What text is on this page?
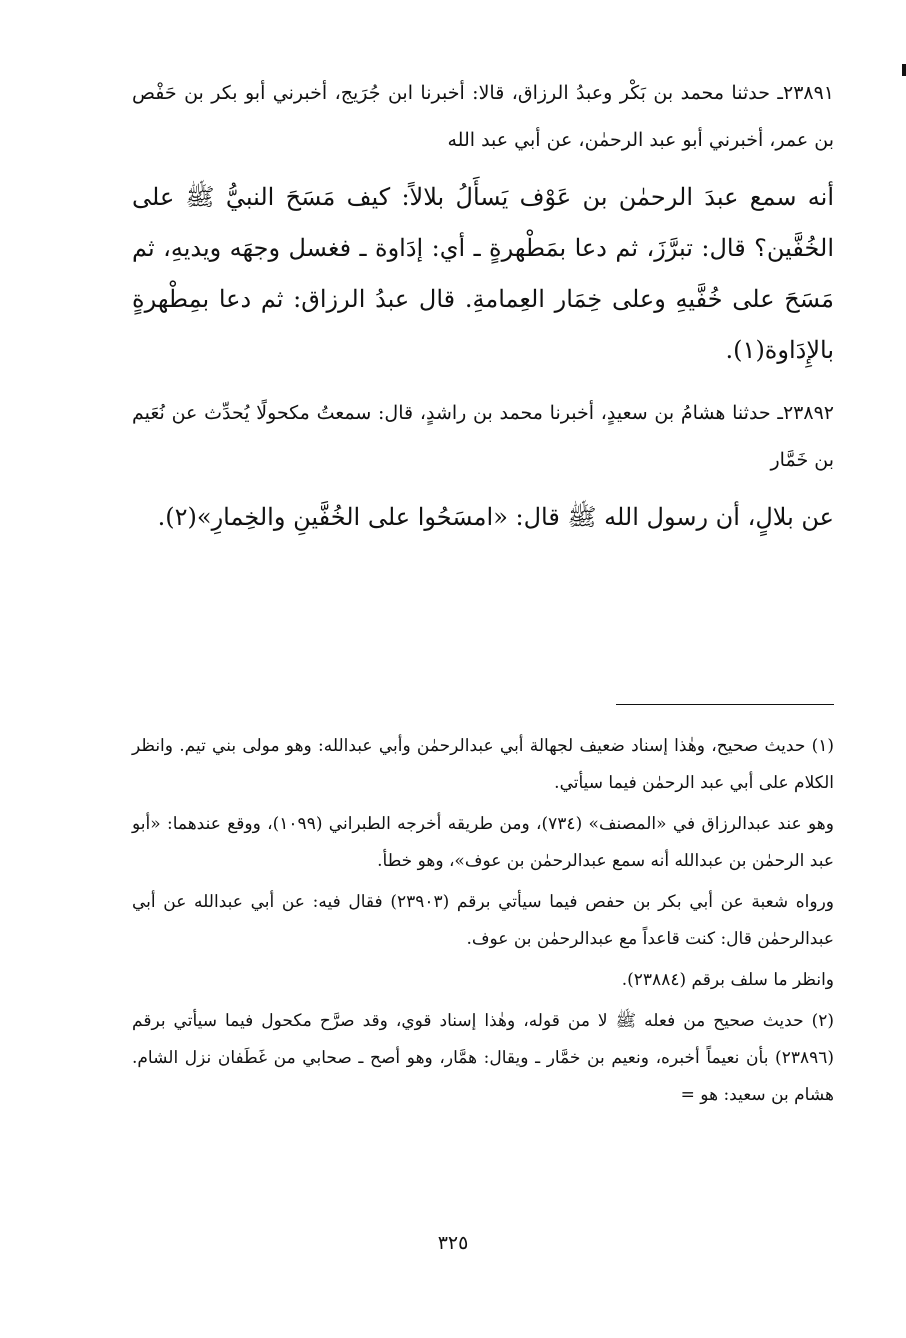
٢٣٨٩١ـ حدثنا محمد بن بَكْر وعبدُ الرزاق، قالا: أخبرنا ابن جُرَيج، أخبرني أبو بكر بن حَفْص بن عمر، أخبرني أبو عبد الرحمٰن، عن أبي عبد الله

أنه سمع عبدَ الرحمٰن بن عَوْف يَسأَلُ بلالاً: كيف مَسَحَ النبيُّ ﷺ على الخُفَّين؟ قال: تبرَّزَ، ثم دعا بمَطْهرةٍ ـ أي: إدَاوة ـ فغسل وجهَه ويديهِ، ثم مَسَحَ على خُفَّيهِ وعلى خِمَار العِمامةِ. قال عبدُ الرزاق: ثم دعا بمِطْهرةٍ بالإِدَاوة(١).

٢٣٨٩٢ـ حدثنا هشامُ بن سعيدٍ، أخبرنا محمد بن راشدٍ، قال: سمعتُ مكحولًا يُحدِّث عن نُعَيم بن خَمَّار

عن بلالٍ، أن رسول الله ﷺ قال: «امسَحُوا على الخُفَّينِ والخِمارِ»(٢).

(١) حديث صحيح، وهٰذا إسناد ضعيف لجهالة أبي عبدالرحمٰن وأبي عبدالله: وهو مولى بني تيم. وانظر الكلام على أبي عبد الرحمٰن فيما سيأتي.

وهو عند عبدالرزاق في «المصنف» (٧٣٤)، ومن طريقه أخرجه الطبراني (١٠٩٩)، ووقع عندهما: «أبو عبد الرحمٰن بن عبدالله أنه سمع عبدالرحمٰن بن عوف»، وهو خطأ.

ورواه شعبة عن أبي بكر بن حفص فيما سيأتي برقم (٢٣٩٠٣) فقال فيه: عن أبي عبدالله عن أبي عبدالرحمٰن قال: كنت قاعداً مع عبدالرحمٰن بن عوف.

وانظر ما سلف برقم (٢٣٨٨٤).

(٢) حديث صحيح من فعله ﷺ لا من قوله، وهٰذا إسناد قوي، وقد صرَّح مكحول فيما سيأتي برقم (٢٣٨٩٦) بأن نعيماً أخبره، ونعيم بن خمَّار ـ ويقال: همَّار، وهو أصح ـ صحابي من غَطَفان نزل الشام. هشام بن سعيد: هو =

٣٢٥
